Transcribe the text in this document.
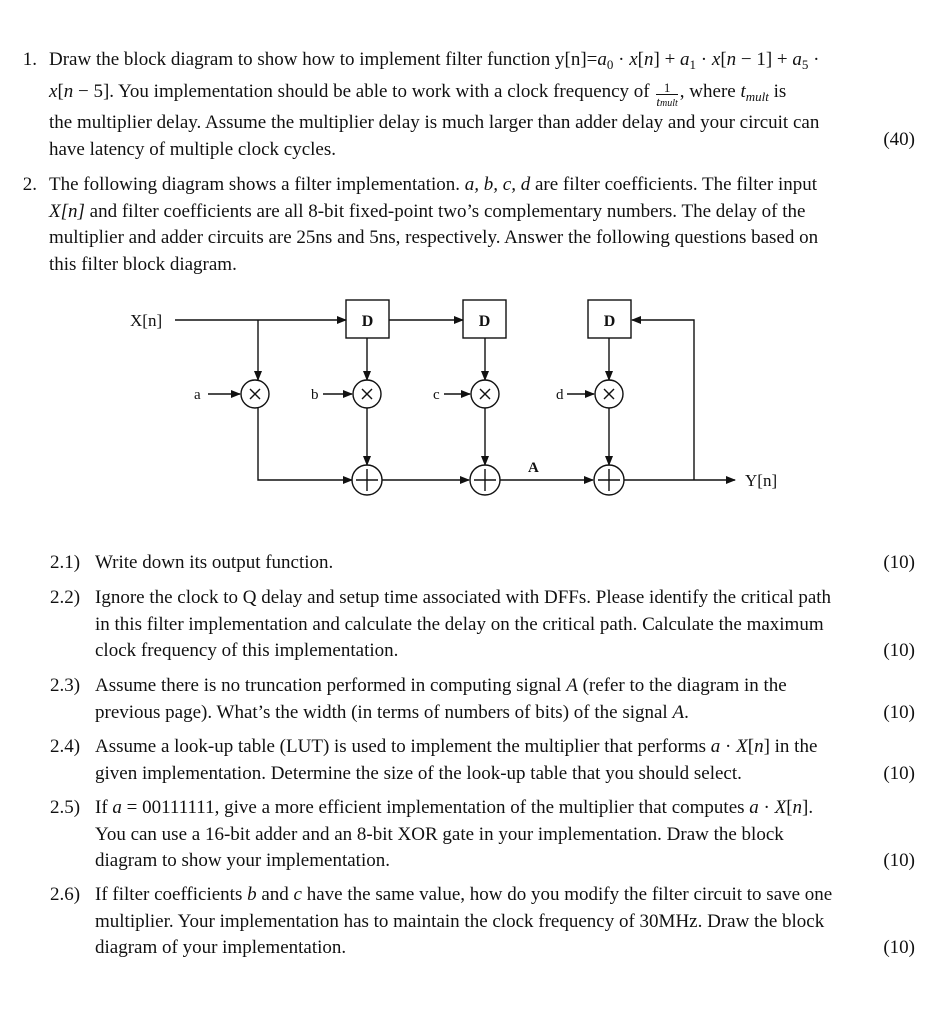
1. Draw the block diagram to show how to implement filter function $y[n]=a_0 \cdot x[n] + a_1 \cdot x[n - 1] + a_5$ ·
x[n − 5]. You implementation should be able to work with a clock frequency of $\frac{1}{\text{tmult}}$ , where $t_{mult}$ is
the multiplier delay. Assume the multiplier delay is much larger than adder delay and your circuit can
have latency of multiple clock cycles.	(40)
2. The following diagram shows a filter implementation. a, b, c, d are filter coefficients. The filter input
X[n] and filter coefficients are all 8-bit fixed-point two’s complementary numbers. The delay of the
multiplier and adder circuits are 25ns and 5ns, respectively. Answer the following questions based on
this filter block diagram.
X[n]	D	D	D
a	b	c	d
A
Y[n]
2.1) Write down its output function.	(10)
2.2) Ignore the clock to Q delay and setup time associated with DFFs. Please identify the critical path
in this filter implementation and calculate the delay on the critical path. Calculate the maximum
clock frequency of this implementation.	(10)
2.3) Assume there is no truncation performed in computing signal A (refer to the diagram in the
previous page). What’s the width (in terms of numbers of bits) of the signal A.	(10)
2.4) Assume a look-up table (LUT) is used to implement the multiplier that performs a · X[n] in the
given implementation. Determine the size of the look-up table that you should select.	(10)
2.5) If a = 00111111, give a more efficient implementation of the multiplier that computes a · X[n].
You can use a 16-bit adder and an 8-bit XOR gate in your implementation. Draw the block
diagram to show your implementation.	(10)
2.6) If filter coefficients b and c have the same value, how do you modify the filter circuit to save one
multiplier. Your implementation has to maintain the clock frequency of 30MHz. Draw the block
diagram of your implementation.	(10)
